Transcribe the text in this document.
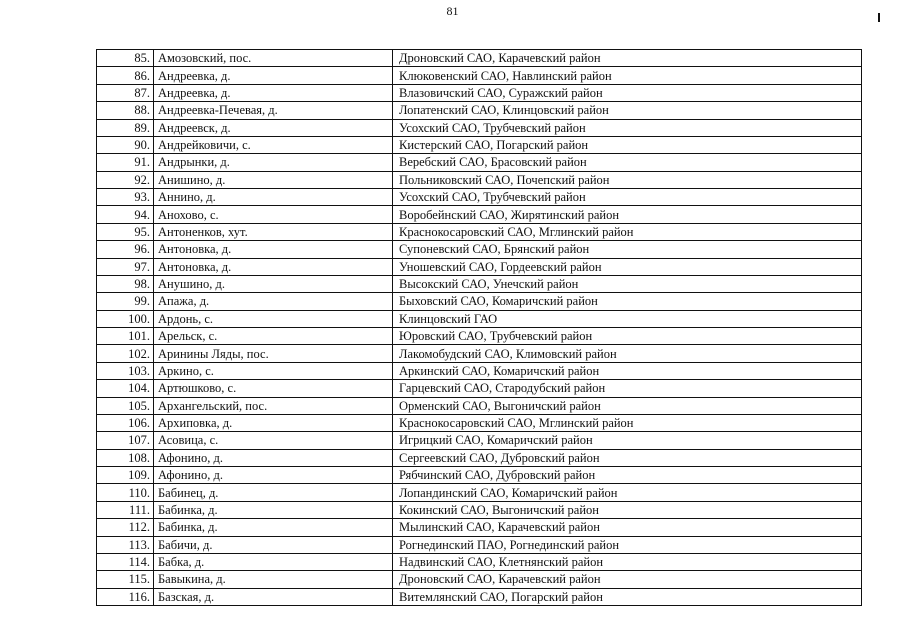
81
85.	Амозовский, пос.	Дроновский САО, Карачевский район
86.	Андреевка, д.	Клюковенский САО, Навлинский район
87.	Андреевка, д.	Влазовичский САО, Суражский район
88.	Андреевка-Печевая, д.	Лопатенский САО, Клинцовский район
89.	Андреевск, д.	Усохский САО, Трубчевский район
90.	Андрейковичи, с.	Кистерский САО, Погарский район
91.	Андрынки, д.	Веребский САО, Брасовский район
92.	Анишино, д.	Польниковский САО, Почепский район
93.	Аннино, д.	Усохский САО, Трубчевский район
94.	Анохово, с.	Воробейнский САО, Жирятинский район
95.	Антоненков, хут.	Краснокосаровский САО, Мглинский район
96.	Антоновка, д.	Супоневский САО, Брянский район
97.	Антоновка, д.	Уношевский САО, Гордеевский район
98.	Анушино, д.	Высокский САО, Унечский район
99.	Апажа, д.	Быховский САО, Комаричский район
100.	Ардонь, с.	Клинцовский ГАО
101.	Арельск, с.	Юровский САО, Трубчевский район
102.	Аринины Ляды, пос.	Лакомобудский САО, Климовский район
103.	Аркино, с.	Аркинский САО, Комаричский район
104.	Артюшково, с.	Гарцевский САО, Стародубский район
105.	Архангельский, пос.	Орменский САО, Выгоничский район
106.	Архиповка, д.	Краснокосаровский САО, Мглинский район
107.	Асовица, с.	Игрицкий САО, Комаричский район
108.	Афонино, д.	Сергеевский САО, Дубровский район
109.	Афонино, д.	Рябчинский САО, Дубровский район
110.	Бабинец, д.	Лопандинский САО, Комаричский район
111.	Бабинка, д.	Кокинский САО, Выгоничский район
112.	Бабинка, д.	Мылинский САО, Карачевский район
113.	Бабичи, д.	Рогнединский ПАО, Рогнединский район
114.	Бабка, д.	Надвинский САО, Клетнянский район
115.	Бавыкина, д.	Дроновский САО, Карачевский район
116.	Базская, д.	Витемлянский САО, Погарский район
